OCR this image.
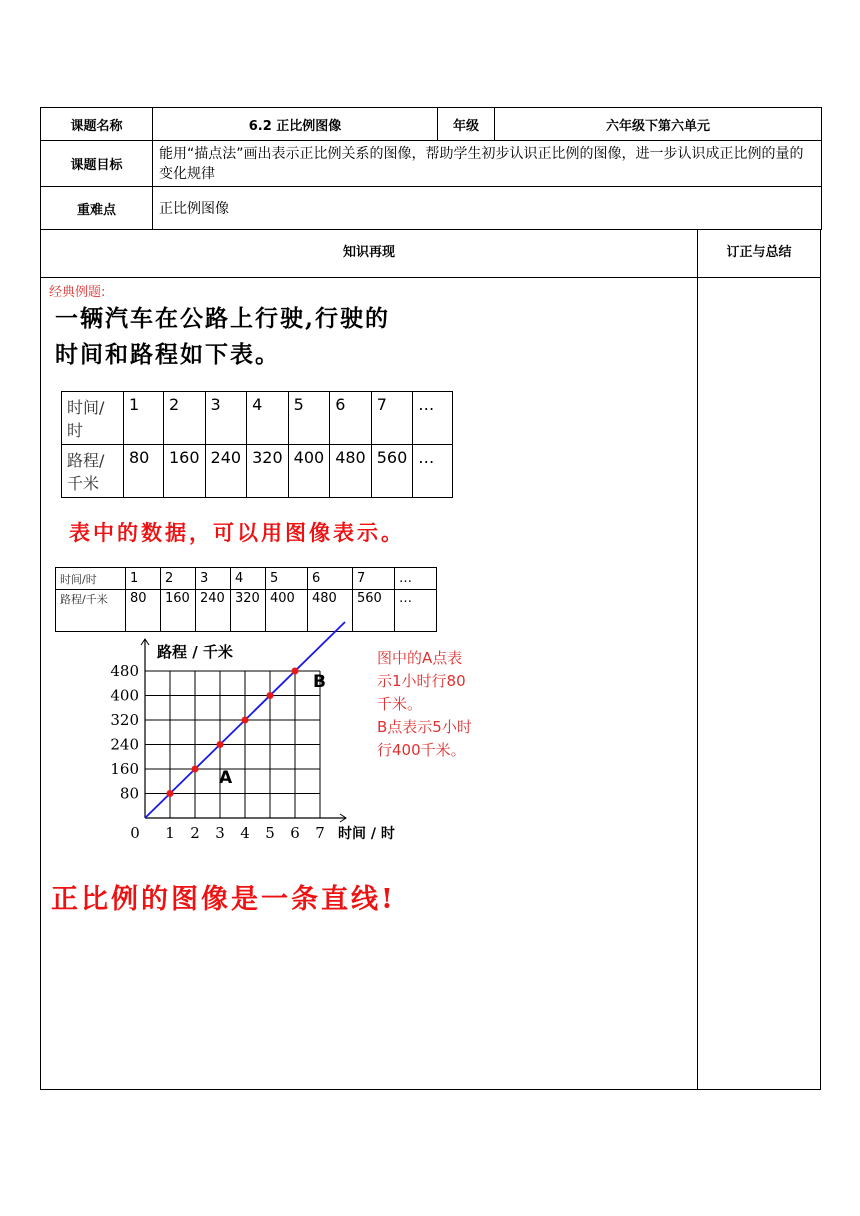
课题名称	6.2 正比例图像	年级	六年级下第六单元
课题目标	能用“描点法”画出表示正比例关系的图像，帮助学生初步认识正比例的图像，进一步认识成正比例的量的变化规律		
重难点	正比例图像		
知识再现	订正与总结
经典例题:
一辆汽车在公路上行驶,行驶的
时间和路程如下表。
时间/时	1	2	3	4	5	6	7	…
路程/千米	80	160	240	320	400	480	560	…
表中的数据，可以用图像表示。
时间/时	1	2	3	4	5	6	7	…
路程/千米	80	160	240	320	400	480	560	…
0 1 2 3 4 5 6 7
80
160
240
320
400
480
时间 / 时
路程 / 千米
A
B
图中的A点表
示1小时行80
千米。
B点表示5小时
行400千米。
正比例的图像是一条直线!
